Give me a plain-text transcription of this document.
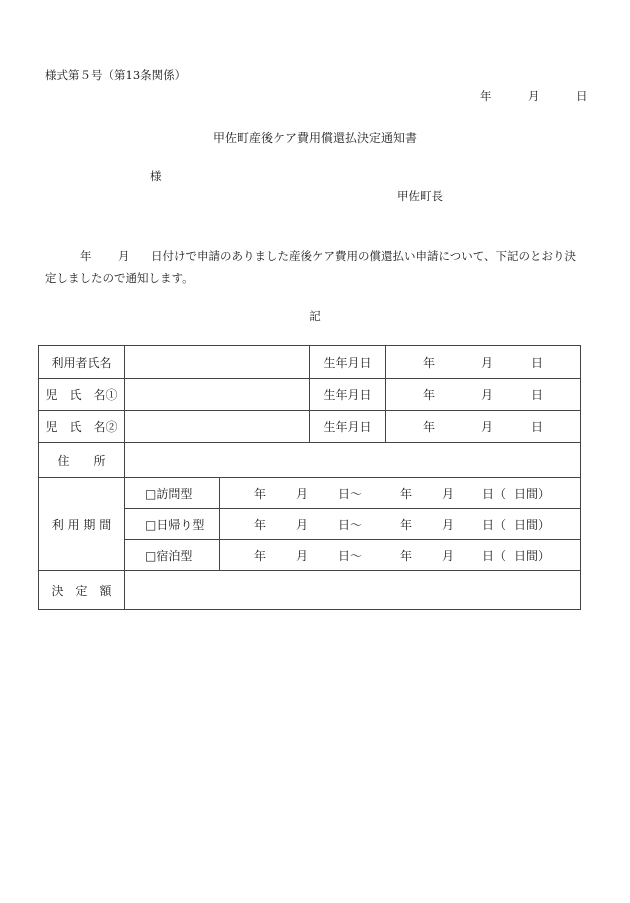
様式第５号（第13条関係）
年	月	日
甲佐町産後ケア費用償還払決定通知書
様
甲佐町長
年 月 日付けで申請のありました産後ケア費用の償還払い申請について、下記のとおり決
定しましたので通知します。
記
利用者氏名			生年月日	年 月 日
児　氏　名①			生年月日	年 月 日
児　氏　名②			生年月日	年 月 日
住　　所				
利 用 期 間	□訪問型	年 月 日～ 年 月 日（ 日間）		
	□日帰り型	年 月 日～ 年 月 日（ 日間）		
	□宿泊型	年 月 日～ 年 月 日（ 日間）		
決　定　額				
